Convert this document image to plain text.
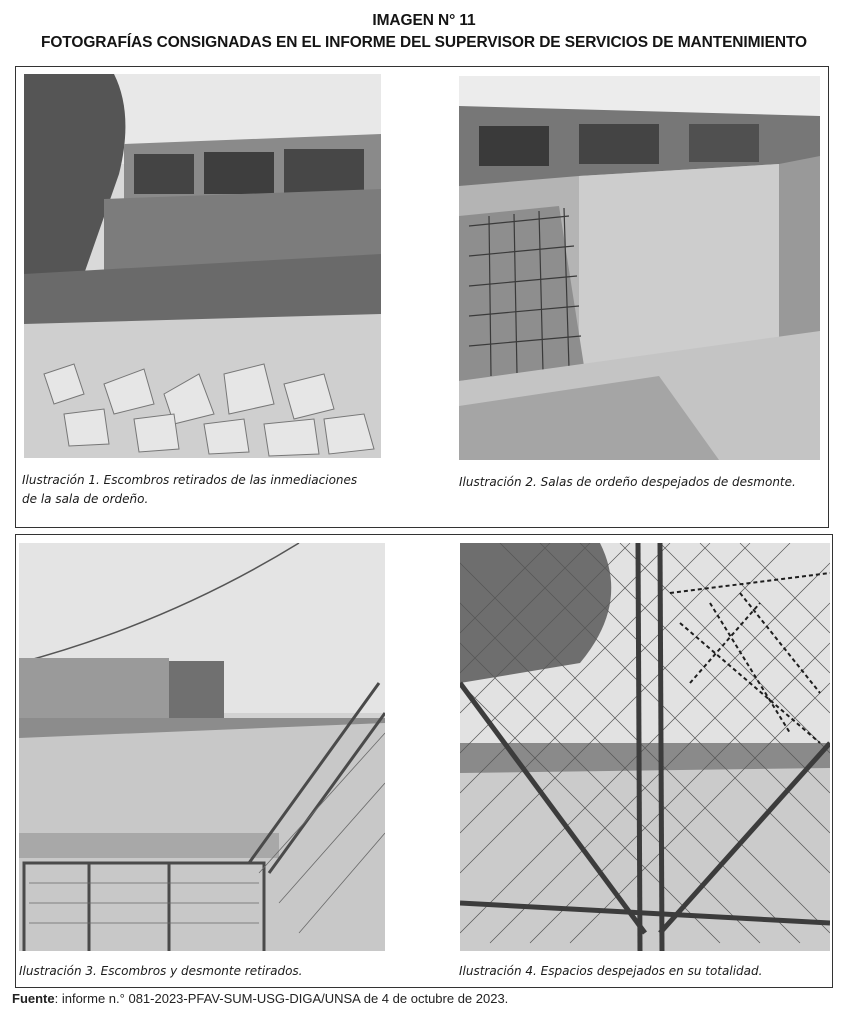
IMAGEN N° 11
FOTOGRAFÍAS CONSIGNADAS EN EL INFORME DEL SUPERVISOR DE SERVICIOS DE MANTENIMIENTO
Ilustración 1. Escombros retirados de las inmediaciones
de la sala de ordeño.
Ilustración 2. Salas de ordeño despejados de desmonte.
Ilustración 3. Escombros y desmonte retirados.	Ilustración 4. Espacios despejados en su totalidad.
Fuente: informe n.° 081-2023-PFAV-SUM-USG-DIGA/UNSA de 4 de octubre de 2023.
